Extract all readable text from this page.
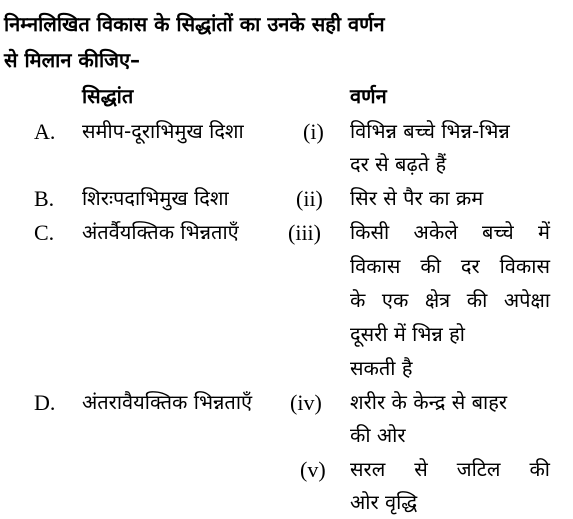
निम्नलिखित विकास के सिद्धांतों का उनके सही वर्णन
से मिलान कीजिए–
सिद्धांत	वर्णन
A. समीप-दूराभिमुख दिशा
B. शिरःपदाभिमुख दिशा
C. अंतर्वैयक्तिक भिन्नताएँ
D. अंतरावैयक्तिक भिन्नताएँ
(i) विभिन्न बच्चे भिन्न-भिन्न
दर से बढ़ते हैं
(ii) सिर से पैर का क्रम
(iii) किसी अकेले बच्चे में
विकास की दर विकास
के एक क्षेत्र की अपेक्षा
दूसरी में भिन्न हो
सकती है
(iv) शरीर के केन्द्र से बाहर
की ओर
(v) सरल से जटिल की
ओर वृद्धि
